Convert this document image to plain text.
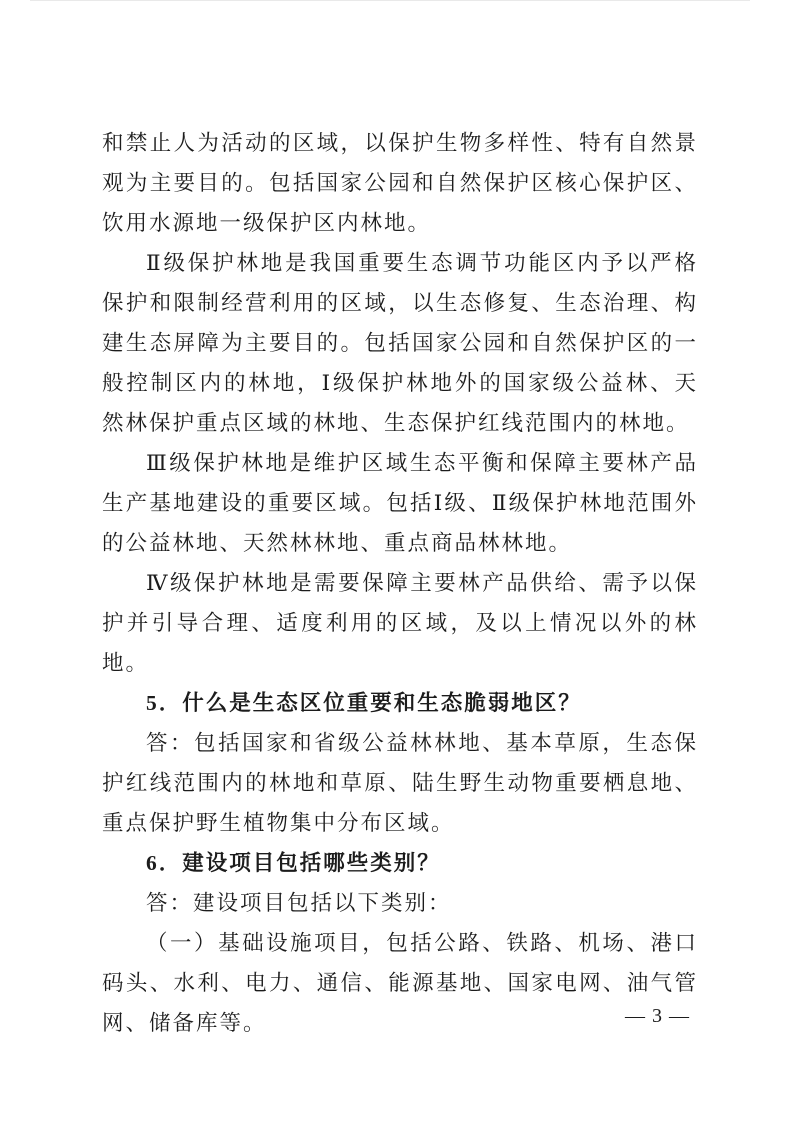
和禁止人为活动的区域，以保护生物多样性、特有自然景观为主要目的。包括国家公园和自然保护区核心保护区、饮用水源地一级保护区内林地。

Ⅱ级保护林地是我国重要生态调节功能区内予以严格保护和限制经营利用的区域，以生态修复、生态治理、构建生态屏障为主要目的。包括国家公园和自然保护区的一般控制区内的林地，Ⅰ级保护林地外的国家级公益林、天然林保护重点区域的林地、生态保护红线范围内的林地。

Ⅲ级保护林地是维护区域生态平衡和保障主要林产品生产基地建设的重要区域。包括Ⅰ级、Ⅱ级保护林地范围外的公益林地、天然林林地、重点商品林林地。

Ⅳ级保护林地是需要保障主要林产品供给、需予以保护并引导合理、适度利用的区域，及以上情况以外的林地。

5．什么是生态区位重要和生态脆弱地区？

答：包括国家和省级公益林林地、基本草原，生态保护红线范围内的林地和草原、陆生野生动物重要栖息地、重点保护野生植物集中分布区域。

6．建设项目包括哪些类别？

答：建设项目包括以下类别：

（一）基础设施项目，包括公路、铁路、机场、港口码头、水利、电力、通信、能源基地、国家电网、油气管网、储备库等。	— 3 —
